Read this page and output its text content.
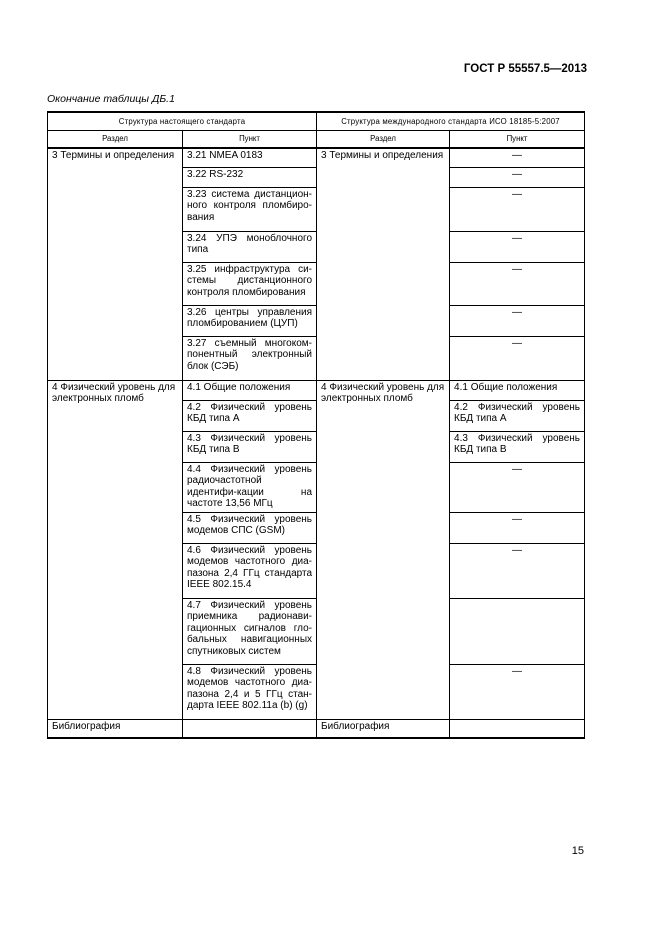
ГОСТ Р 55557.5—2013
Окончание таблицы ДБ.1
Структура настоящего стандарта		Структура международного стандарта ИСО 18185-5:2007	
Раздел	Пункт	Раздел	Пункт
3 Термины и определения	3.21 NMEA 0183	3 Термины и определения	—
	3.22 RS-232		—
	3.23 система дистанцион-ного контроля пломбиро-вания		—
	3.24 УПЭ моноблочного типа		—
	3.25 инфраструктура си-стемы дистанционного контроля пломбирования		—
	3.26 центры управления пломбированием (ЦУП)		—
	3.27 съемный многоком-понентный электронный блок (СЭБ)		—
4 Физический уровень для электронных пломб	4.1 Общие положения	4 Физический уровень для электронных пломб	4.1 Общие положения
	4.2 Физический уровень КБД типа А		4.2 Физический уровень КБД типа А
	4.3 Физический уровень КБД типа В		4.3 Физический уровень КБД типа В
	4.4 Физический уровень радиочастотной идентифи-кации на частоте 13,56 МГц		—
	4.5 Физический уровень модемов СПС (GSM)		—
	4.6 Физический уровень модемов частотного диа-пазона 2,4 ГГц стандарта IEEE 802.15.4		—
	4.7 Физический уровень приемника радионави-гационных сигналов гло-бальных навигационных спутниковых систем		
	4.8 Физический уровень модемов частотного диа-пазона 2,4 и 5 ГГц стан-дарта IEEE 802.11a (b) (g)		—
Библиография		Библиография	
15
